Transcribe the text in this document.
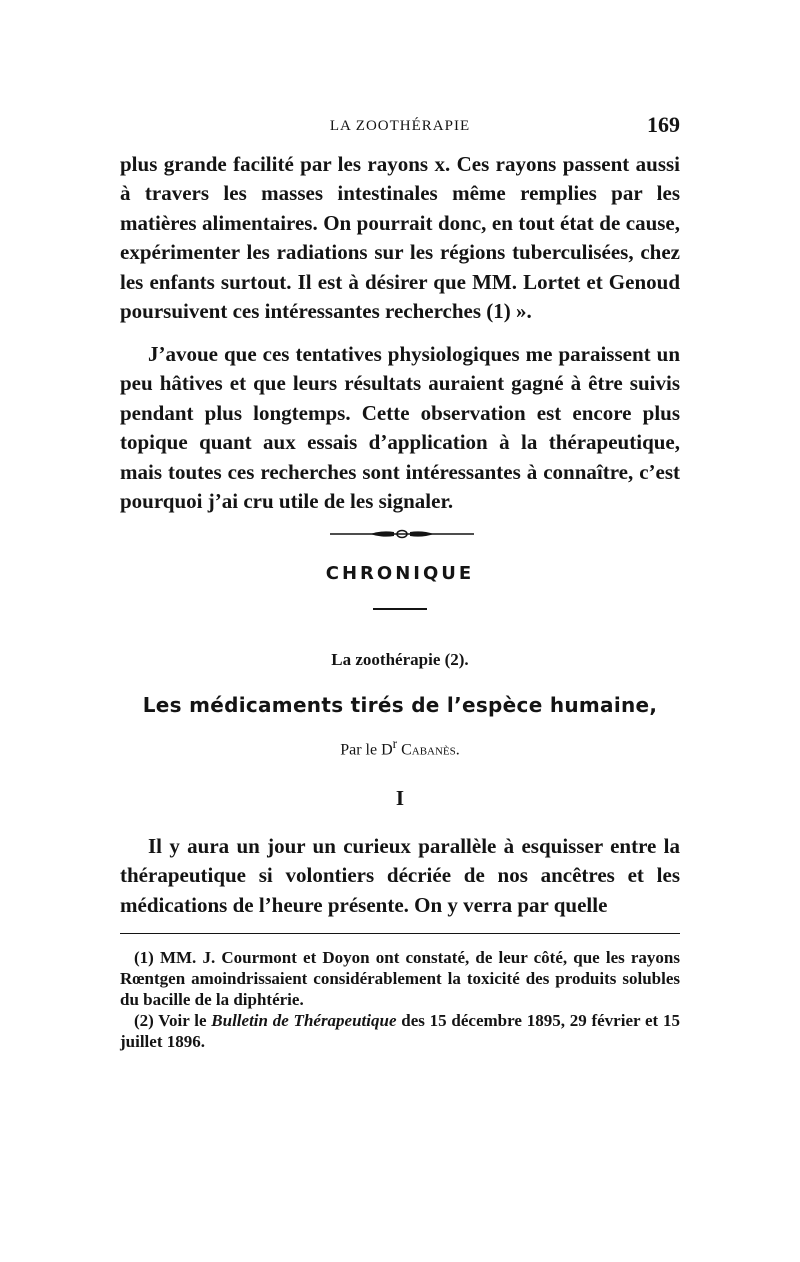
LA ZOOTHÉRAPIE	169

plus grande facilité par les rayons x. Ces rayons passent aussi à travers les masses intestinales même remplies par les matières alimentaires. On pourrait donc, en tout état de cause, expérimenter les radiations sur les régions tuberculisées, chez les enfants surtout. Il est à désirer que MM. Lortet et Genoud poursuivent ces intéressantes recherches (1) ».

J’avoue que ces tentatives physiologiques me paraissent un peu hâtives et que leurs résultats auraient gagné à être suivis pendant plus longtemps. Cette observation est encore plus topique quant aux essais d’application à la thérapeutique, mais toutes ces recherches sont intéressantes à connaître, c’est pourquoi j’ai cru utile de les signaler.

CHRONIQUE
La zoothérapie (2).
Les médicaments tirés de l’espèce humaine,
Par le $D^r$ Cabanès.
I

Il y aura un jour un curieux parallèle à esquisser entre la thérapeutique si volontiers décriée de nos ancêtres et les médications de l’heure présente. On y verra par quelle

(1) MM. J. Courmont et Doyon ont constaté, de leur côté, que les rayons Rœntgen amoindrissaient considérablement la toxicité des produits solubles du bacille de la diphtérie.

(2) Voir le Bulletin de Thérapeutique des 15 décembre 1895, 29 février et 15 juillet 1896.
